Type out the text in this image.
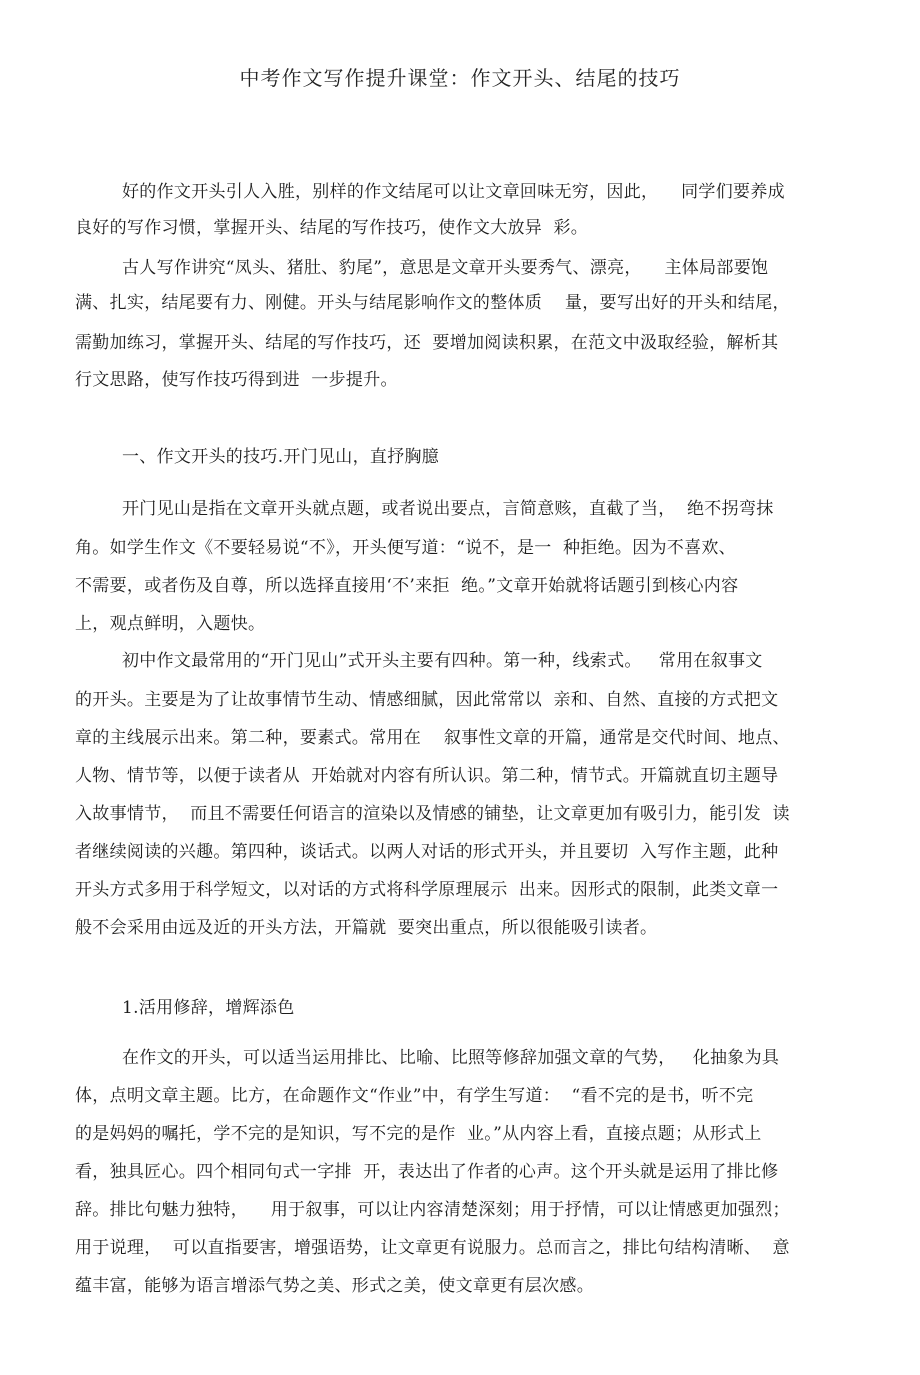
中考作文写作提升课堂：作文开头、结尾的技巧
好的作文开头引人入胜，别样的作文结尾可以让文章回味无穷，因此，    同学们要养成
良好的写作习惯，掌握开头、结尾的写作技巧，使作文大放异  彩。
古人写作讲究“凤头、猪肚、豹尾”，意思是文章开头要秀气、漂亮，    主体局部要饱
满、扎实，结尾要有力、刚健。开头与结尾影响作文的整体质    量，要写出好的开头和结尾，
需勤加练习，掌握开头、结尾的写作技巧，还  要增加阅读积累，在范文中汲取经验，解析其
行文思路，使写作技巧得到进  一步提升。
一、作文开头的技巧.开门见山，直抒胸臆
开门见山是指在文章开头就点题，或者说出要点，言简意赅，直截了当，  绝不拐弯抹
角。如学生作文《不要轻易说“不》，开头便写道：“说不，是一  种拒绝。因为不喜欢、
不需要，或者伤及自尊，所以选择直接用‘不’来拒  绝。”文章开始就将话题引到核心内容
上，观点鲜明，入题快。
初中作文最常用的“开门见山”式开头主要有四种。第一种，线索式。   常用在叙事文
的开头。主要是为了让故事情节生动、情感细腻，因此常常以  亲和、自然、直接的方式把文
章的主线展示出来。第二种，要素式。常用在    叙事性文章的开篇，通常是交代时间、地点、
人物、情节等，以便于读者从  开始就对内容有所认识。第二种，情节式。开篇就直切主题导
入故事情节，  而且不需要任何语言的渲染以及情感的铺垫，让文章更加有吸引力，能引发  读
者继续阅读的兴趣。第四种，谈话式。以两人对话的形式开头，并且要切  入写作主题，此种
开头方式多用于科学短文，以对话的方式将科学原理展示  出来。因形式的限制，此类文章一
般不会采用由远及近的开头方法，开篇就  要突出重点，所以很能吸引读者。
1.活用修辞，增辉添色
在作文的开头，可以适当运用排比、比喻、比照等修辞加强文章的气势，   化抽象为具
体，点明文章主题。比方，在命题作文“作业”中，有学生写道：  “看不完的是书，听不完
的是妈妈的嘱托，学不完的是知识，写不完的是作  业。”从内容上看，直接点题；从形式上
看，独具匠心。四个相同句式一字排  开，表达出了作者的心声。这个开头就是运用了排比修
辞。排比句魅力独特，    用于叙事，可以让内容清楚深刻；用于抒情，可以让情感更加强烈；
用于说理，  可以直指要害，增强语势，让文章更有说服力。总而言之，排比句结构清晰、  意
蕴丰富，能够为语言增添气势之美、形式之美，使文章更有层次感。
